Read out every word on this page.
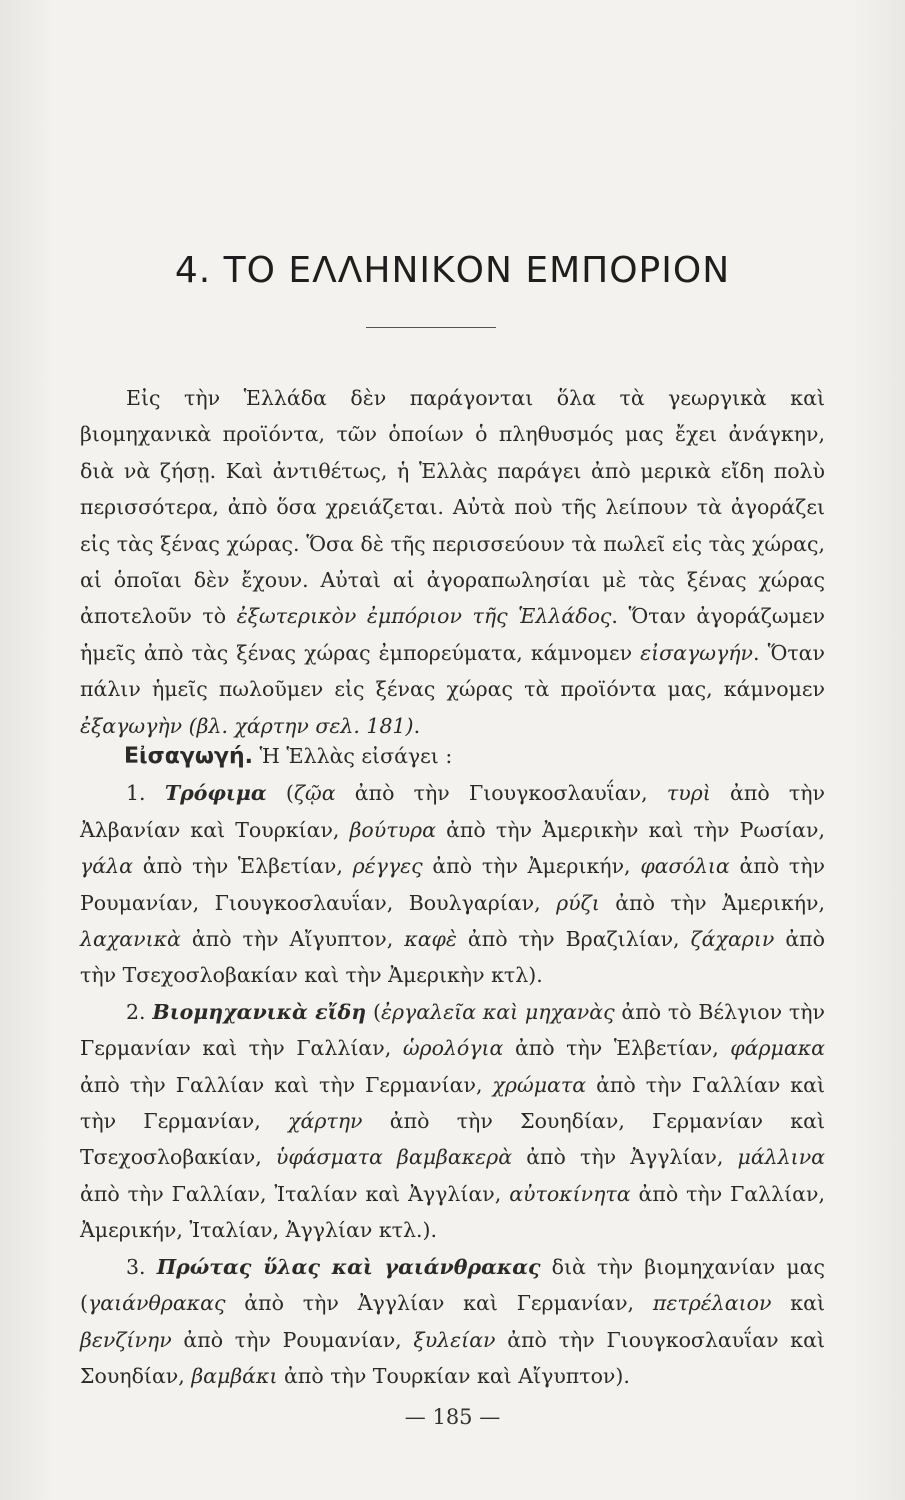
4. ΤΟ ΕΛΛΗΝΙΚΟΝ ΕΜΠΟΡΙΟΝ

Εἰς τὴν Ἑλλάδα δὲν παράγονται ὅλα τὰ γεωργικὰ καὶ βιομηχανικὰ προϊόντα, τῶν ὁποίων ὁ πληθυσμός μας ἔχει ἀνάγκην, διὰ νὰ ζήσῃ. Καὶ ἀντιθέτως, ἡ Ἑλλὰς παράγει ἀπὸ μερικὰ εἴδη πολὺ περισσότερα, ἀπὸ ὅσα χρειάζεται. Αὐτὰ ποὺ τῆς λείπουν τὰ ἀγοράζει εἰς τὰς ξένας χώρας. Ὅσα δὲ τῆς περισσεύουν τὰ πωλεῖ εἰς τὰς χώρας, αἱ ὁποῖαι δὲν ἔχουν. Αὐταὶ αἱ ἀγοραπωλησίαι μὲ τὰς ξένας χώρας ἀποτελοῦν τὸ ἐξωτερικὸν ἐμπόριον τῆς Ἑλλάδος. Ὅταν ἀγοράζωμεν ἡμεῖς ἀπὸ τὰς ξένας χώρας ἐμπορεύματα, κάμνομεν εἰσαγωγήν. Ὅταν πάλιν ἡμεῖς πωλοῦμεν εἰς ξένας χώρας τὰ προϊόντα μας, κάμνομεν ἐξαγωγὴν (βλ. χάρτην σελ. 181).

Εἰσαγωγή. Ἡ Ἑλλὰς εἰσάγει :

1. Τρόφιμα (ζῷα ἀπὸ τὴν Γιουγκοσλαυΐαν, τυρὶ ἀπὸ τὴν Ἀλβανίαν καὶ Τουρκίαν, βούτυρα ἀπὸ τὴν Ἀμερικὴν καὶ τὴν Ρωσίαν, γάλα ἀπὸ τὴν Ἑλβετίαν, ρέγγες ἀπὸ τὴν Ἀμερικήν, φασόλια ἀπὸ τὴν Ρουμανίαν, Γιουγκοσλαυΐαν, Βουλγαρίαν, ρύζι ἀπὸ τὴν Ἀμερικήν, λαχανικὰ ἀπὸ τὴν Αἴγυπτον, καφὲ ἀπὸ τὴν Βραζιλίαν, ζάχαριν ἀπὸ τὴν Τσεχοσλοβακίαν καὶ τὴν Ἀμερικὴν κτλ).

2. Βιομηχανικὰ εἴδη (ἐργαλεῖα καὶ μηχανὰς ἀπὸ τὸ Βέλγιον τὴν Γερμανίαν καὶ τὴν Γαλλίαν, ὡρολόγια ἀπὸ τὴν Ἑλβετίαν, φάρμακα ἀπὸ τὴν Γαλλίαν καὶ τὴν Γερμανίαν, χρώματα ἀπὸ τὴν Γαλλίαν καὶ τὴν Γερμανίαν, χάρτην ἀπὸ τὴν Σουηδίαν, Γερμανίαν καὶ Τσεχοσλοβακίαν, ὑφάσματα βαμβακερὰ ἀπὸ τὴν Ἀγγλίαν, μάλλινα ἀπὸ τὴν Γαλλίαν, Ἰταλίαν καὶ Ἀγγλίαν, αὐτοκίνητα ἀπὸ τὴν Γαλλίαν, Ἀμερικήν, Ἰταλίαν, Ἀγγλίαν κτλ.).

3. Πρώτας ὕλας καὶ γαιάνθρακας διὰ τὴν βιομηχανίαν μας (γαιάνθρακας ἀπὸ τὴν Ἀγγλίαν καὶ Γερμανίαν, πετρέλαιον καὶ βενζίνην ἀπὸ τὴν Ρουμανίαν, ξυλείαν ἀπὸ τὴν Γιουγκοσλαυΐαν καὶ Σουηδίαν, βαμβάκι ἀπὸ τὴν Τουρκίαν καὶ Αἴγυπτον).

— 185 —
